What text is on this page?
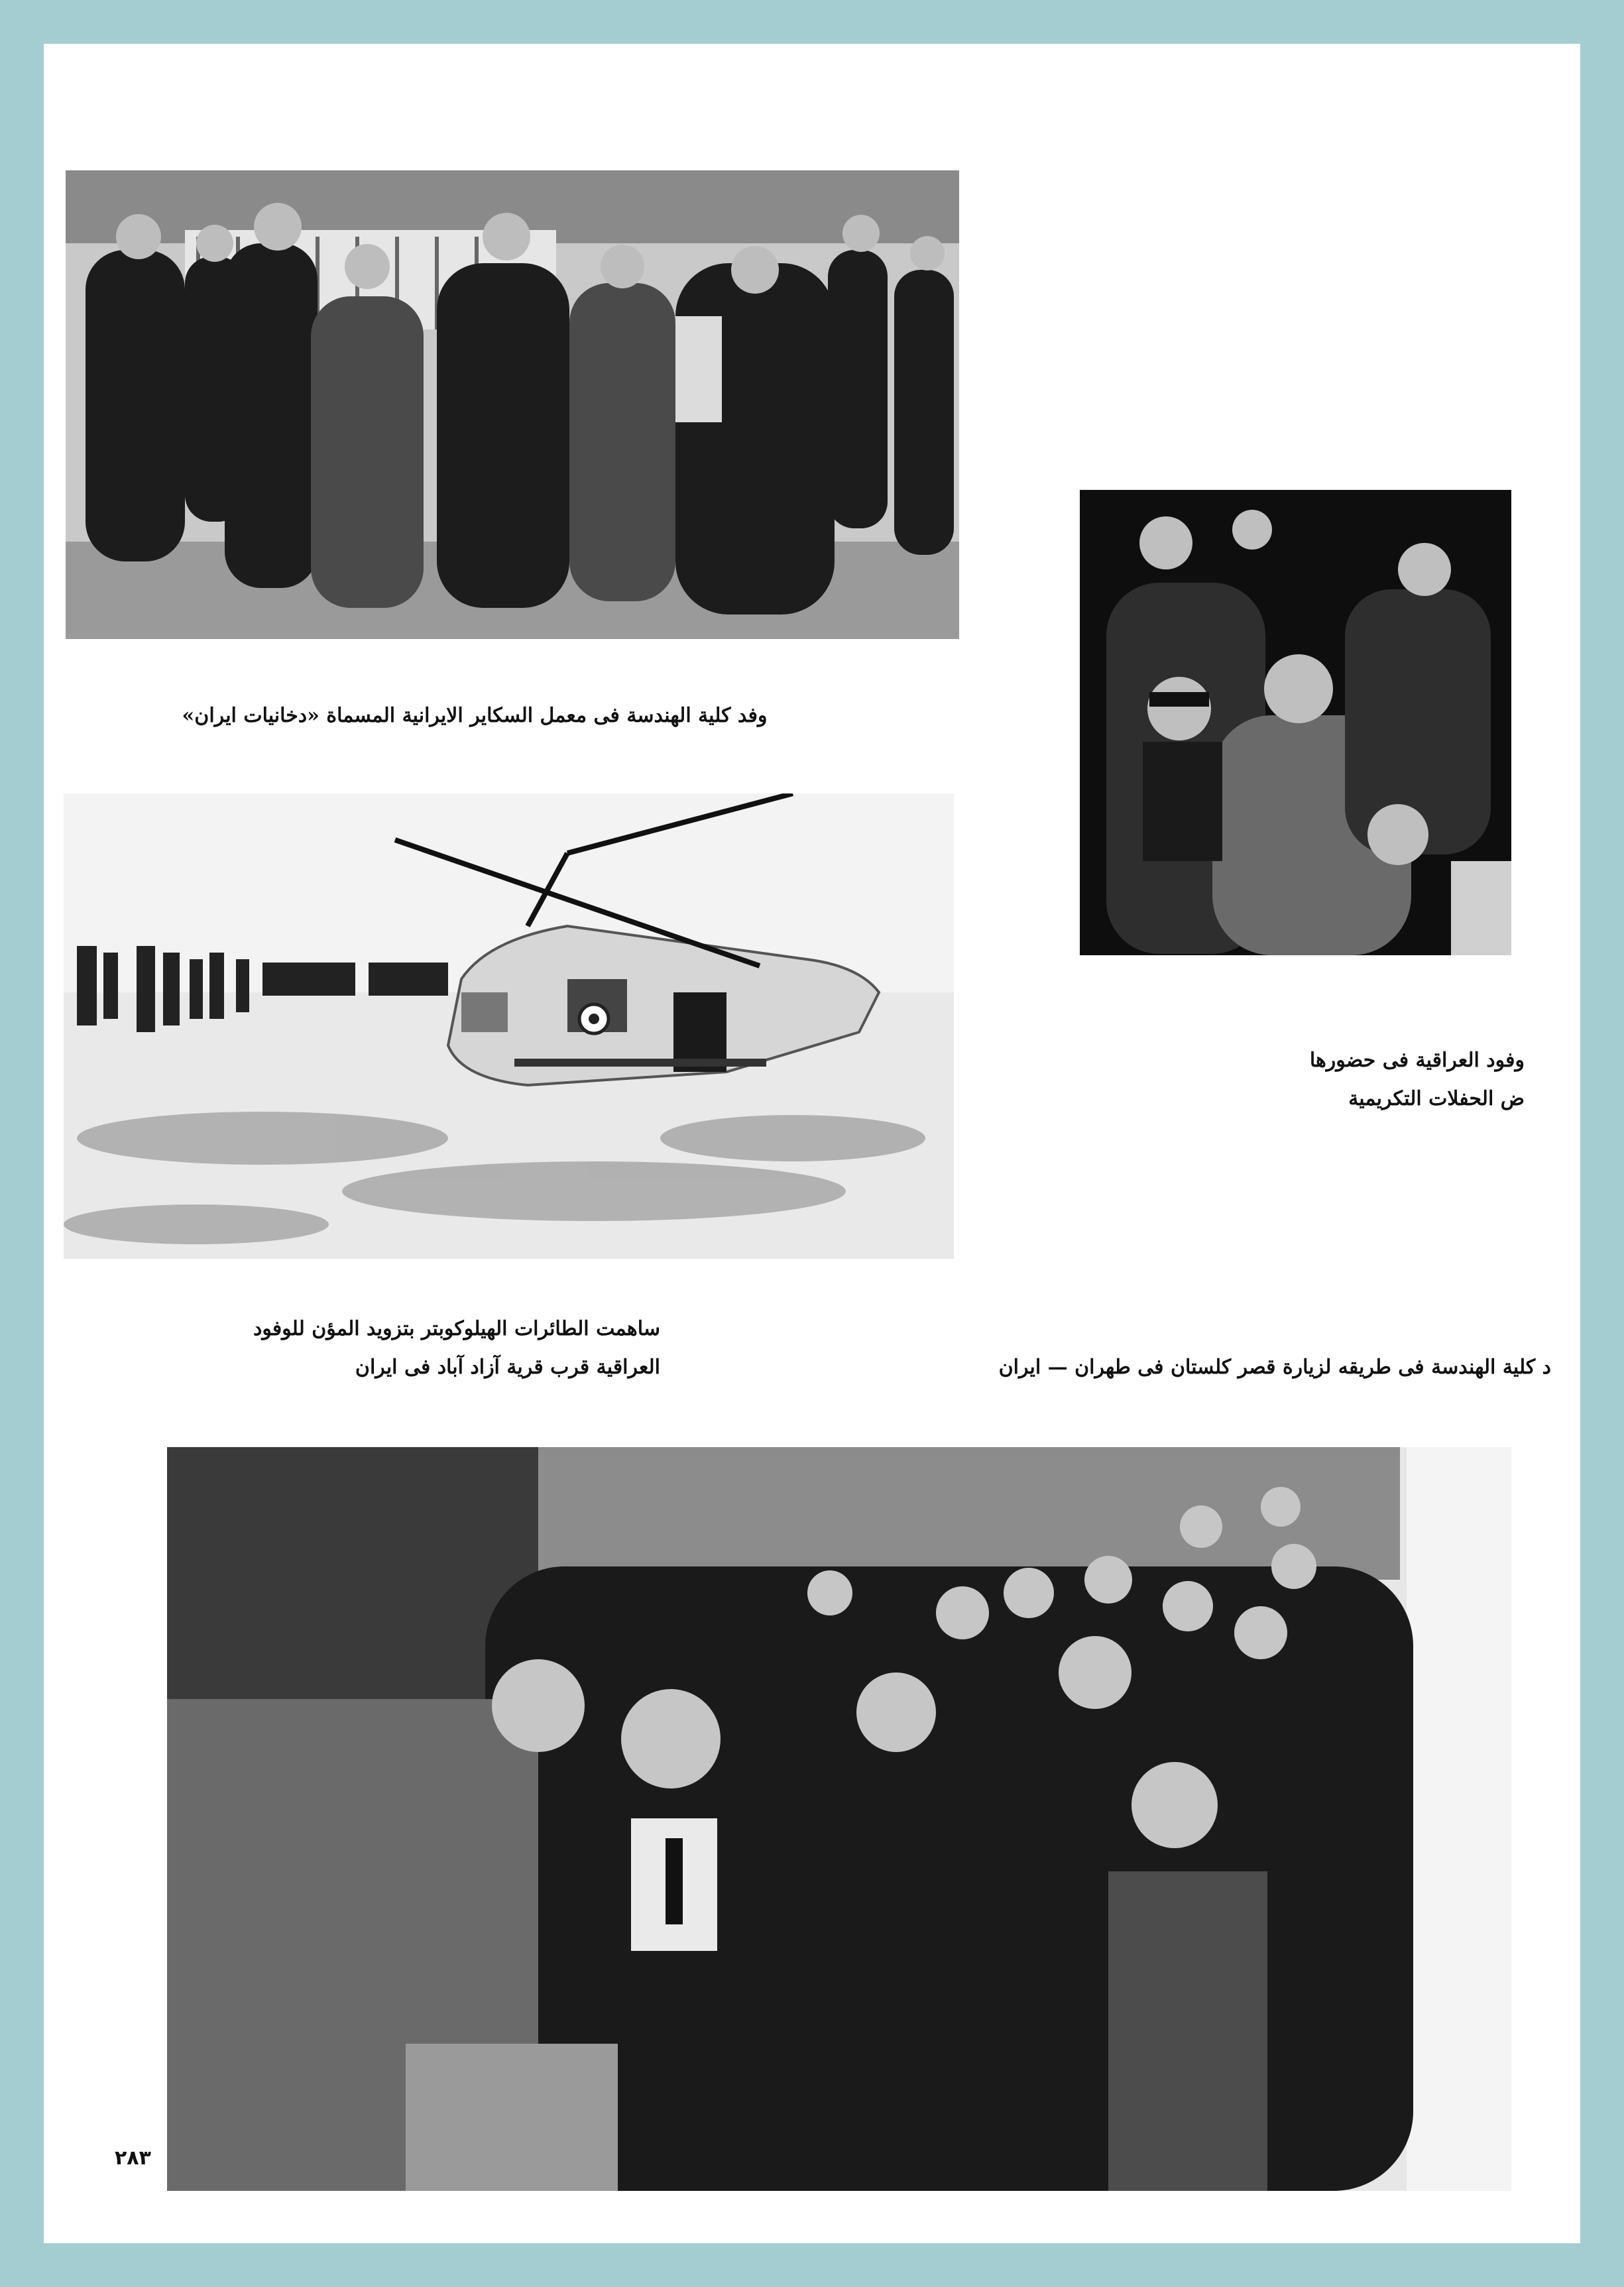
وفد كلية الهندسة فى معمل السكاير الايرانية المسماة «دخانيات ايران»
وفود العراقية فى حضورها
ض الحفلات التكريمية
ساهمت الطائرات الهيلوكوبتر بتزويد المؤن للوفود
العراقية قرب قرية آزاد آباد فى ايران	د كلية الهندسة فى طريقه لزيارة قصر كلستان فى طهران — ايران
٢٨٣
